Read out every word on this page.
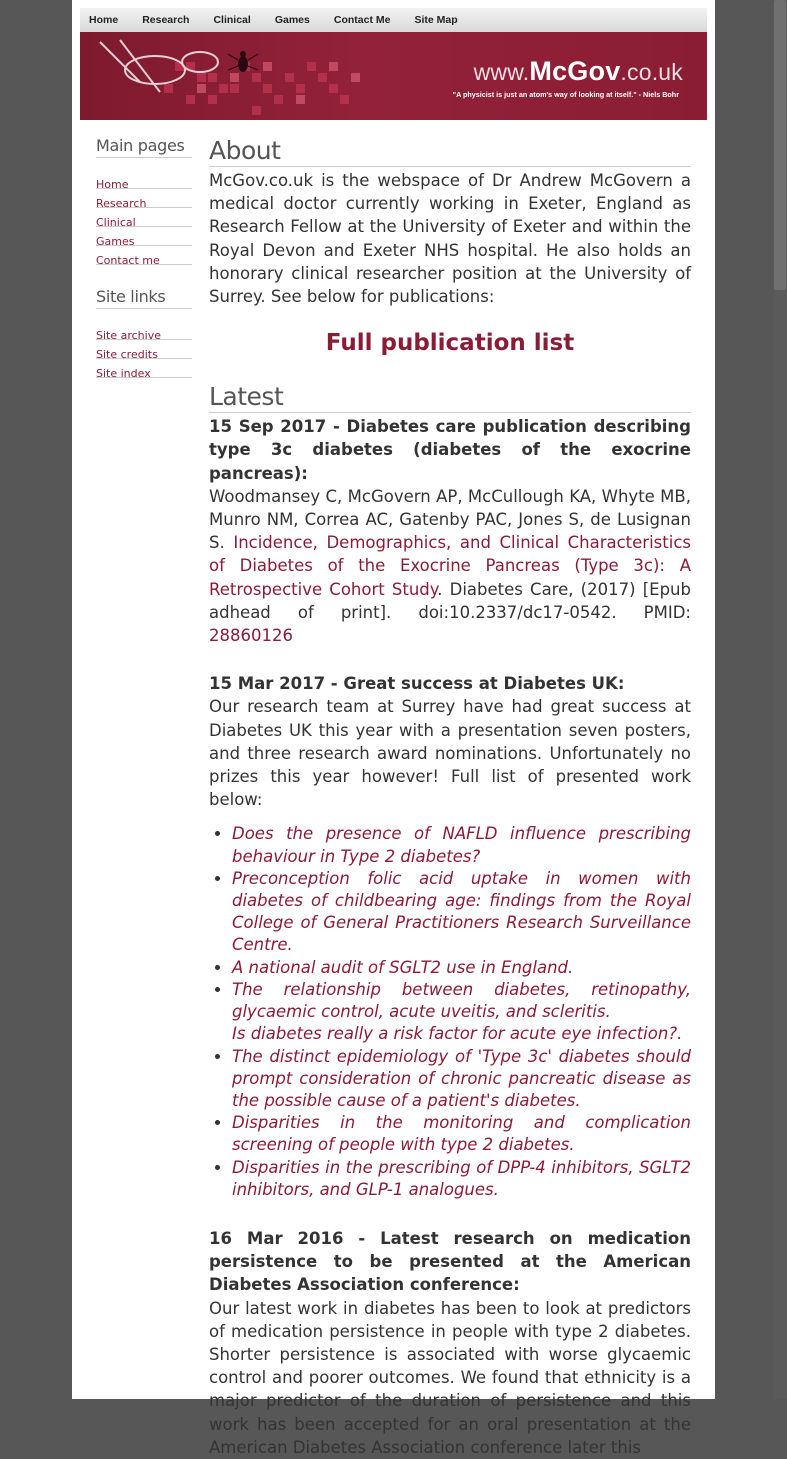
Home Research Clinical Games Contact Me Site Map
www.McGov.co.uk
"A physicist is just an atom's way of looking at itself." - Niels Bohr
Main pages
Home
Research
Clinical
Games
Contact me
Site links
Site archive
Site credits
Site index
About

McGov.co.uk is the webspace of Dr Andrew McGovern a medical doctor currently working in Exeter, England as Research Fellow at the University of Exeter and within the Royal Devon and Exeter NHS hospital. He also holds an honorary clinical researcher position at the University of Surrey. See below for publications:

Full publication list
Latest
15 Sep 2017 - Diabetes care publication describing type 3c diabetes (diabetes of the exocrine pancreas):
Woodmansey C, McGovern AP, McCullough KA, Whyte MB, Munro NM, Correa AC, Gatenby PAC, Jones S, de Lusignan S. Incidence, Demographics, and Clinical Characteristics of Diabetes of the Exocrine Pancreas (Type 3c): A Retrospective Cohort Study. Diabetes Care, (2017) [Epub adhead of print]. doi:10.2337/dc17-0542. PMID: 28860126
15 Mar 2017 - Great success at Diabetes UK:
Our research team at Surrey have had great success at Diabetes UK this year with a presentation seven posters, and three research award nominations. Unfortunately no prizes this year however! Full list of presented work below:
• Does the presence of NAFLD influence prescribing behaviour in Type 2 diabetes?
• Preconception folic acid uptake in women with diabetes of childbearing age: findings from the Royal College of General Practitioners Research Surveillance Centre.
• A national audit of SGLT2 use in England.
• The relationship between diabetes, retinopathy, glycaemic control, acute uveitis, and scleritis.
Is diabetes really a risk factor for acute eye infection?.
• The distinct epidemiology of 'Type 3c' diabetes should prompt consideration of chronic pancreatic disease as the possible cause of a patient's diabetes.
• Disparities in the monitoring and complication screening of people with type 2 diabetes.
• Disparities in the prescribing of DPP-4 inhibitors, SGLT2 inhibitors, and GLP-1 analogues.
16 Mar 2016 - Latest research on medication persistence to be presented at the American Diabetes Association conference:
Our latest work in diabetes has been to look at predictors of medication persistence in people with type 2 diabetes. Shorter persistence is associated with worse glycaemic control and poorer outcomes. We found that ethnicity is a major predictor of the duration of persistence and this work has been accepted for an oral presentation at the American Diabetes Association conference later this
